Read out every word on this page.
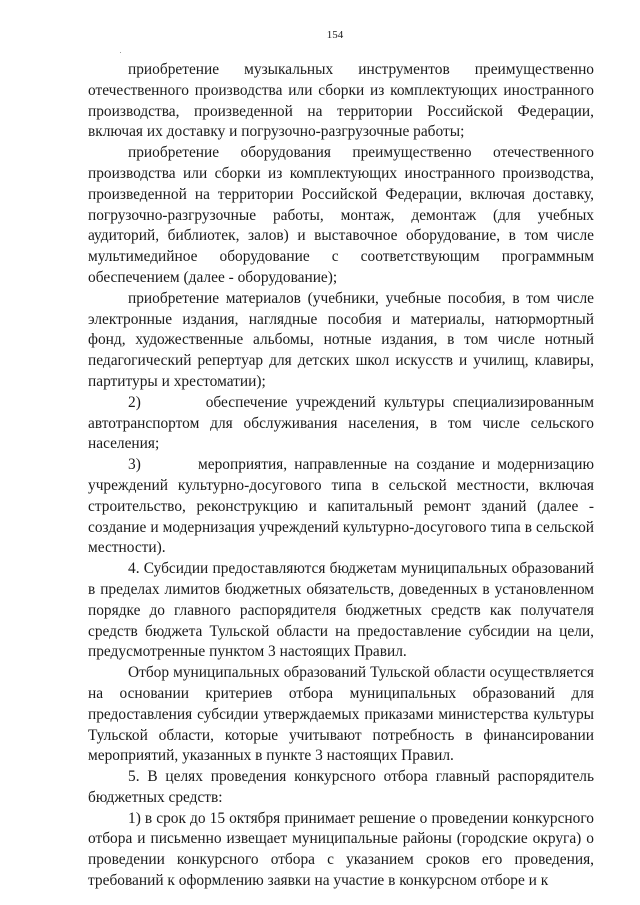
154

приобретение музыкальных инструментов преимущественно отечественного производства или сборки из комплектующих иностранного производства, произведенной на территории Российской Федерации, включая их доставку и погрузочно-разгрузочные работы;

приобретение оборудования преимущественно отечественного производства или сборки из комплектующих иностранного производства, произведенной на территории Российской Федерации, включая доставку, погрузочно-разгрузочные работы, монтаж, демонтаж (для учебных аудиторий, библиотек, залов) и выставочное оборудование, в том числе мультимедийное оборудование с соответствующим программным обеспечением (далее - оборудование);

приобретение материалов (учебники, учебные пособия, в том числе электронные издания, наглядные пособия и материалы, натюрмортный фонд, художественные альбомы, нотные издания, в том числе нотный педагогический репертуар для детских школ искусств и училищ, клавиры, партитуры и хрестоматии);

2)        обеспечение учреждений культуры специализированным автотранспортом для обслуживания населения, в том числе сельского населения;

3)        мероприятия, направленные на создание и модернизацию учреждений культурно-досугового типа в сельской местности, включая строительство, реконструкцию и капитальный ремонт зданий (далее - создание и модернизация учреждений культурно-досугового типа в сельской местности).

4. Субсидии предоставляются бюджетам муниципальных образований в пределах лимитов бюджетных обязательств, доведенных в установленном порядке до главного распорядителя бюджетных средств как получателя средств бюджета Тульской области на предоставление субсидии на цели, предусмотренные пунктом 3 настоящих Правил.

Отбор муниципальных образований Тульской области осуществляется на основании критериев отбора муниципальных образований для предоставления субсидии утверждаемых приказами министерства культуры Тульской области, которые учитывают потребность в финансировании мероприятий, указанных в пункте 3 настоящих Правил.

5. В целях проведения конкурсного отбора главный распорядитель бюджетных средств:

1) в срок до 15 октября принимает решение о проведении конкурсного отбора и письменно извещает муниципальные районы (городские округа) о проведении конкурсного отбора с указанием сроков его проведения, требований к оформлению заявки на участие в конкурсном отборе и к
